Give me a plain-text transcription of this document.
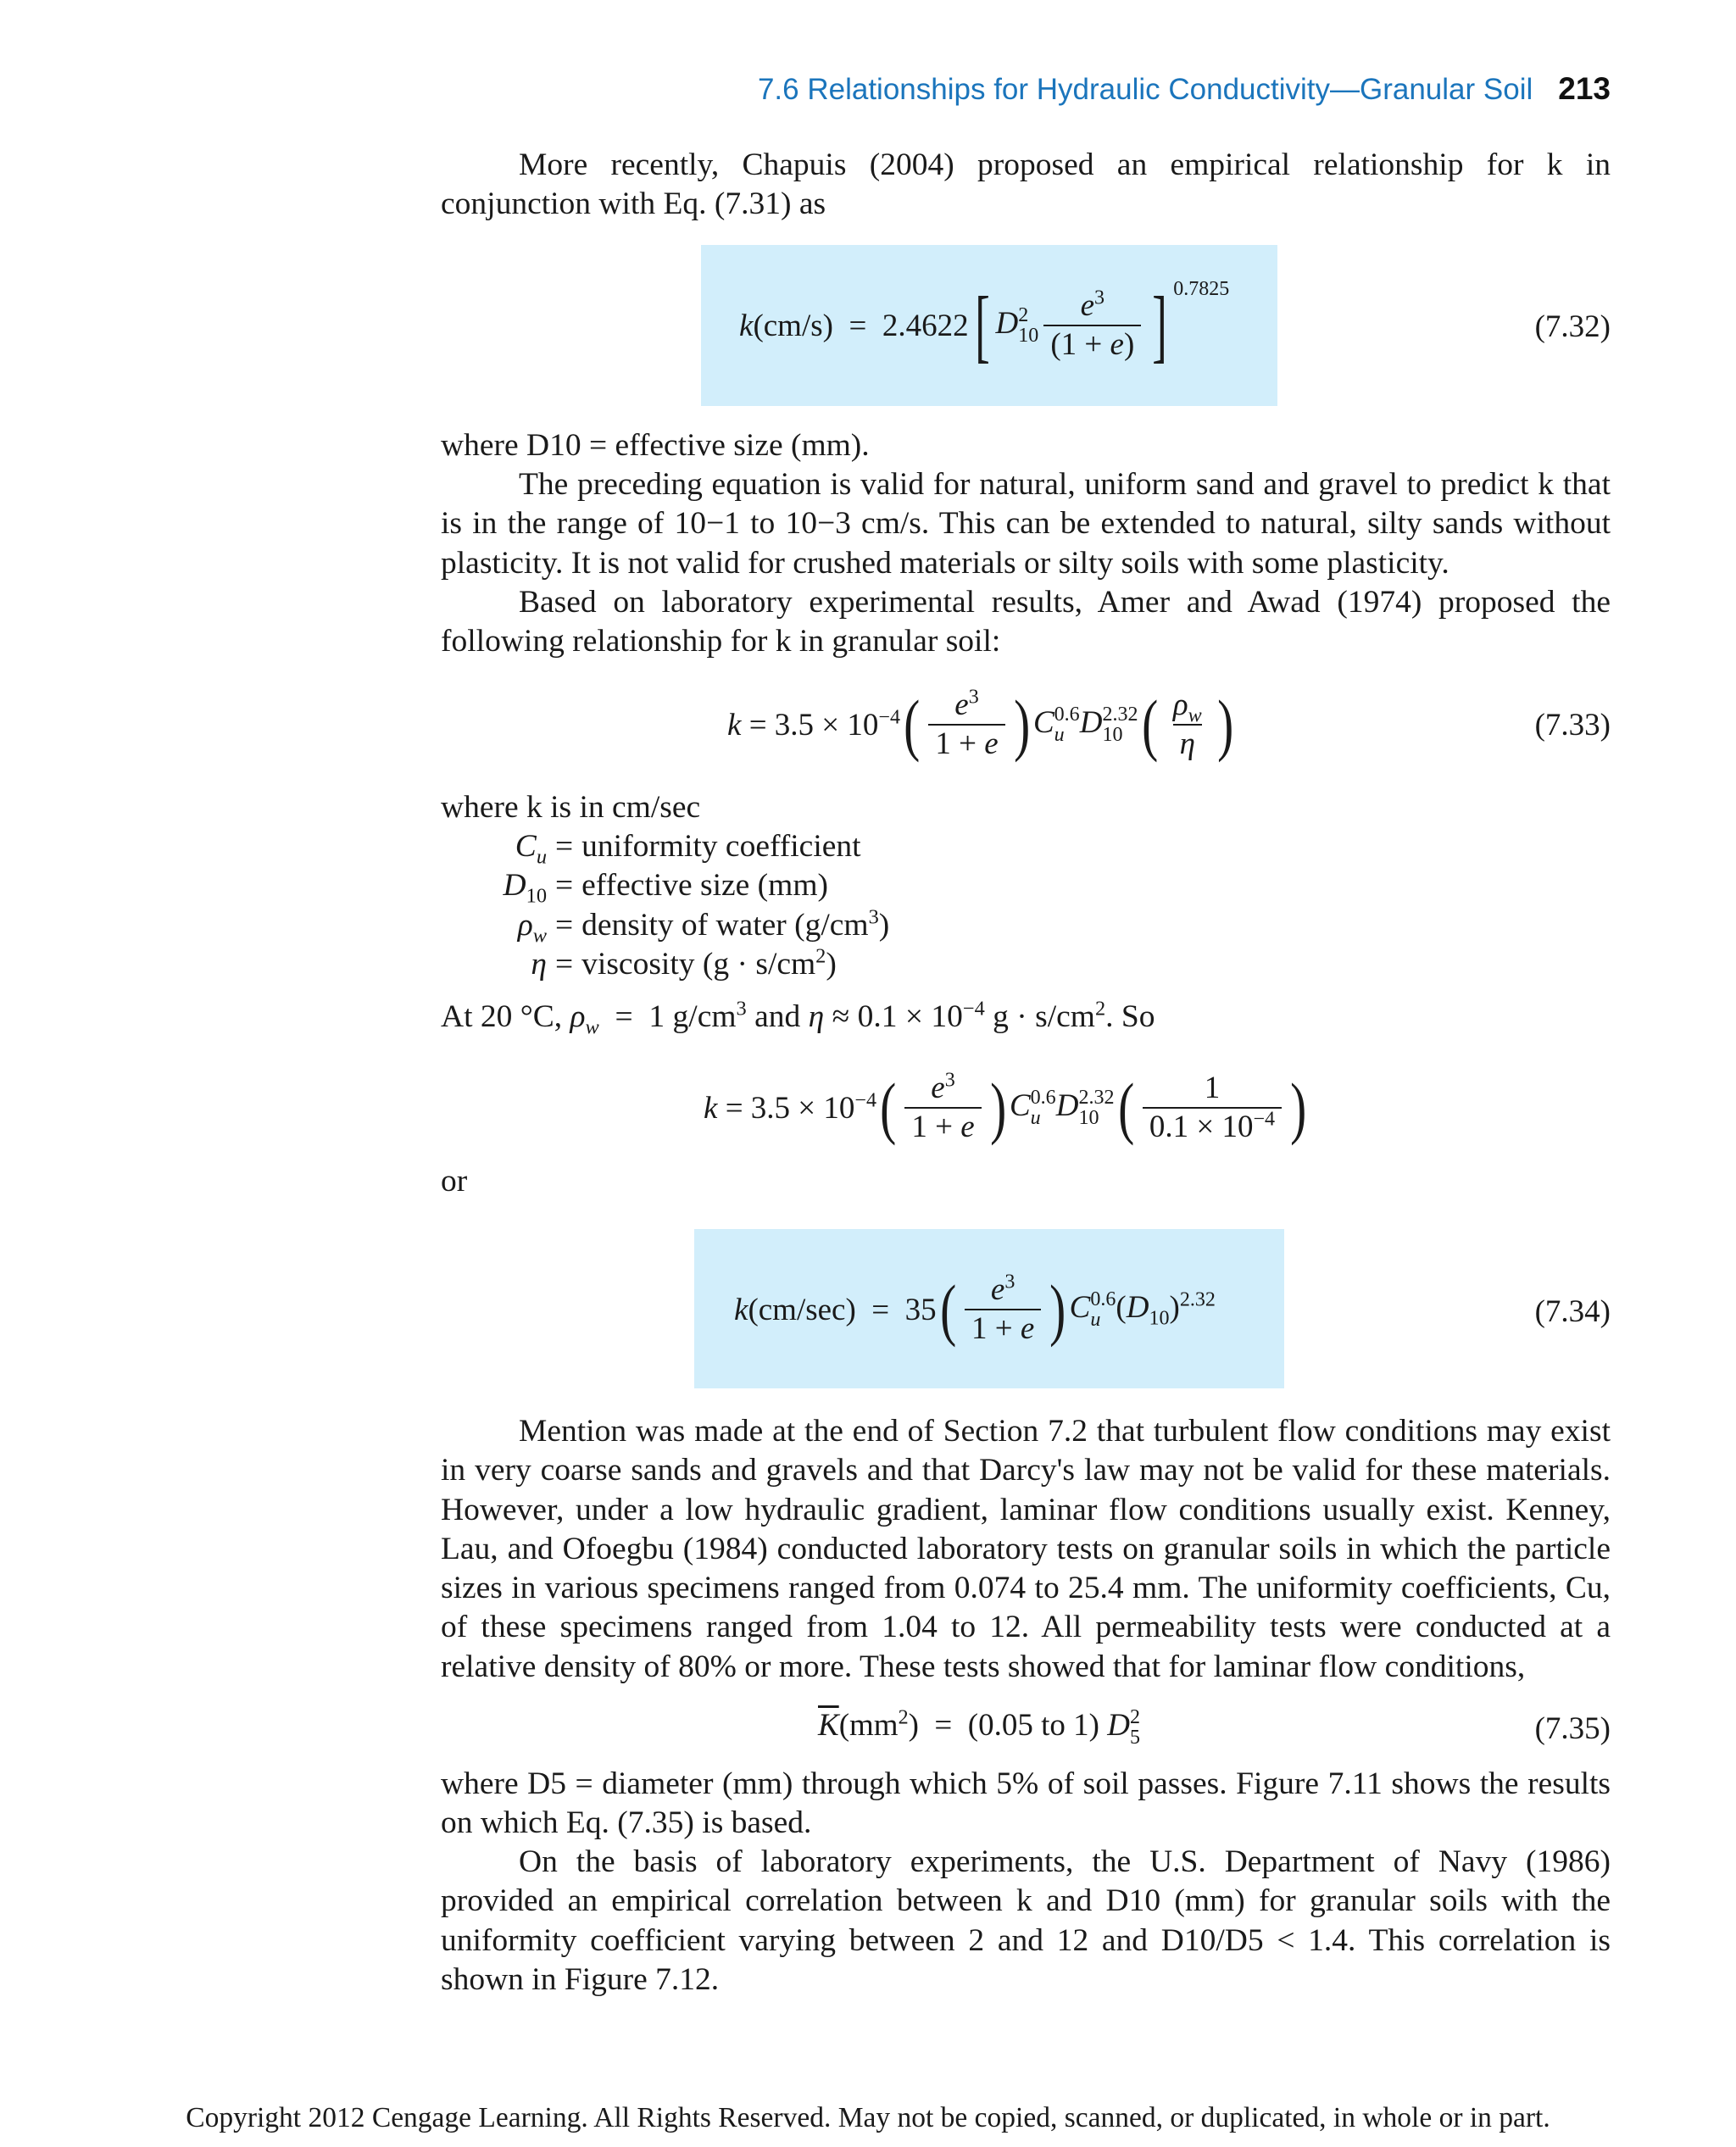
7.6 Relationships for Hydraulic Conductivity—Granular Soil 213
More recently, Chapuis (2004) proposed an empirical relationship for k in conjunction with Eq. (7.31) as
k(cm/s)  =  2.4622 [ D 2
$10 \frac{e^3}{(1 + e)}$ ] 0.7825
(7.32)
where D10 = effective size (mm).
The preceding equation is valid for natural, uniform sand and gravel to predict k that is in the range of 10−1 to 10−3 cm/s. This can be extended to natural, silty sands without plasticity. It is not valid for crushed materials or silty soils with some plasticity.
Based on laboratory experimental results, Amer and Awad (1974) proposed the following relationship for k in granular soil:
$k = 3.5 \times 10^{-4}$ ( $\frac{e^3}{1 + e}$ ) C 0.6
u D 2.32
10 ( $\frac{\rho_w}{\eta}$ )	(7.33)
where k is in cm/sec
$C_u$ = uniformity coefficient
$D_{10}$ = effective size (mm)
$\rho_w$ = density of water $(g/cm^3)$
η = viscosity $(g \cdot s/cm^2)$
At 20 °C, $\rho_w = 1$ $g/cm^3$ and $\eta \approx 0.1 \times 10^{-4}$ $g \cdot s/cm^2$. So
$k = 3.5 \times 10^{-4}$ ( $\frac{e^3}{1 + e}$ ) C 0.6
u D 2.32
10 ( $\frac{1}{0.1 \times 10^{-4}}$ )
or
k(cm/sec)  =  35 ( $\frac{e^3}{1 + e}$ ) C 0.6
u $(D_{10})^{2.32}$	(7.34)
Mention was made at the end of Section 7.2 that turbulent flow conditions may exist in very coarse sands and gravels and that Darcy's law may not be valid for these materials. However, under a low hydraulic gradient, laminar flow conditions usually exist. Kenney, Lau, and Ofoegbu (1984) conducted laboratory tests on granular soils in which the particle sizes in various specimens ranged from 0.074 to 25.4 mm. The uniformity coefficients, Cu, of these specimens ranged from 1.04 to 12. All permeability tests were conducted at a relative density of 80% or more. These tests showed that for laminar flow conditions,
$\overline{K}(mm^2) = (0.05$ to 1) D 2
5	(7.35)
where D5 = diameter (mm) through which 5% of soil passes. Figure 7.11 shows the results on which Eq. (7.35) is based.
On the basis of laboratory experiments, the U.S. Department of Navy (1986) provided an empirical correlation between k and D10 (mm) for granular soils with the uniformity coefficient varying between 2 and 12 and D10/D5 < 1.4. This correlation is shown in Figure 7.12.
Copyright 2012 Cengage Learning. All Rights Reserved. May not be copied, scanned, or duplicated, in whole or in part.
